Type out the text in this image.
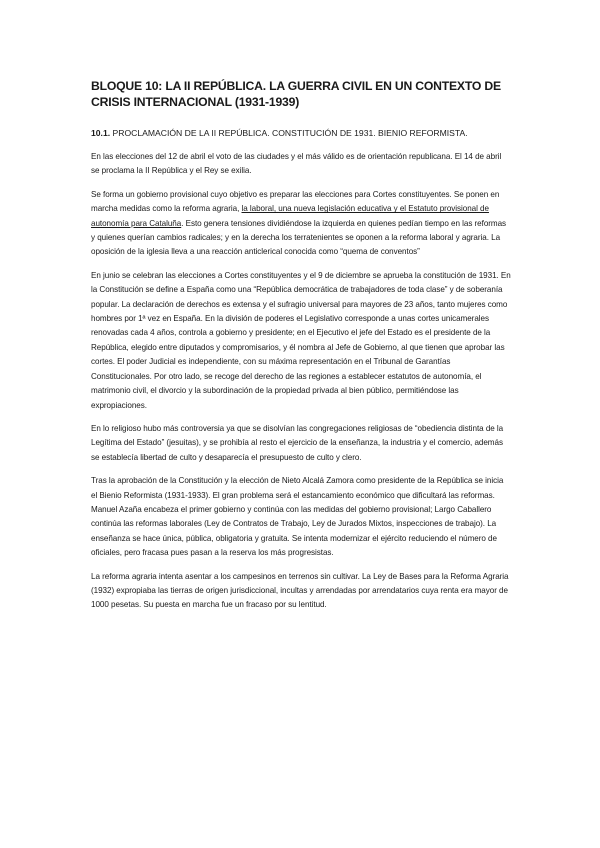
BLOQUE 10: LA II REPÚBLICA. LA GUERRA CIVIL EN UN CONTEXTO DE CRISIS INTERNACIONAL (1931-1939)
10.1. PROCLAMACIÓN DE LA II REPÚBLICA. CONSTITUCIÓN DE 1931. BIENIO REFORMISTA.

En las elecciones del 12 de abril el voto de las ciudades y el más válido es de orientación republicana. El 14 de abril se proclama la II República y el Rey se exilia.

Se forma un gobierno provisional cuyo objetivo es preparar las elecciones para Cortes constituyentes. Se ponen en marcha medidas como la reforma agraria, la laboral, una nueva legislación educativa y el Estatuto provisional de autonomía para Cataluña. Esto genera tensiones dividiéndose la izquierda en quienes pedían tiempo en las reformas y quienes querían cambios radicales; y en la derecha los terratenientes se oponen a la reforma laboral y agraria. La oposición de la iglesia lleva a una reacción anticlerical conocida como “quema de conventos”

En junio se celebran las elecciones a Cortes constituyentes y el 9 de diciembre se aprueba la constitución de 1931. En la Constitución se define a España como una “República democrática de trabajadores de toda clase” y de soberanía popular. La declaración de derechos es extensa y el sufragio universal para mayores de 23 años, tanto mujeres como hombres por 1ª vez en España. En la división de poderes el Legislativo corresponde a unas cortes unicamerales renovadas cada 4 años, controla a gobierno y presidente; en el Ejecutivo el jefe del Estado es el presidente de la República, elegido entre diputados y compromisarios, y él nombra al Jefe de Gobierno, al que tienen que aprobar las cortes. El poder Judicial es independiente, con su máxima representación en el Tribunal de Garantías Constitucionales. Por otro lado, se recoge del derecho de las regiones a establecer estatutos de autonomía, el matrimonio civil, el divorcio y la subordinación de la propiedad privada al bien público, permitiéndose las expropiaciones.

En lo religioso hubo más controversia ya que se disolvían las congregaciones religiosas de “obediencia distinta de la Legítima del Estado” (jesuitas), y se prohibía al resto el ejercicio de la enseñanza, la industria y el comercio, además se establecía libertad de culto y desaparecía el presupuesto de culto y clero.

Tras la aprobación de la Constitución y la elección de Nieto Alcalá Zamora como presidente de la República se inicia el Bienio Reformista (1931-1933). El gran problema será el estancamiento económico que dificultará las reformas. Manuel Azaña encabeza el primer gobierno y continúa con las medidas del gobierno provisional; Largo Caballero continúa las reformas laborales (Ley de Contratos de Trabajo, Ley de Jurados Mixtos, inspecciones de trabajo). La enseñanza se hace única, pública, obligatoria y gratuita. Se intenta modernizar el ejército reduciendo el número de oficiales, pero fracasa pues pasan a la reserva los más progresistas.

La reforma agraria intenta asentar a los campesinos en terrenos sin cultivar. La Ley de Bases para la Reforma Agraria (1932) expropiaba las tierras de origen jurisdiccional, incultas y arrendadas por arrendatarios cuya renta era mayor de 1000 pesetas. Su puesta en marcha fue un fracaso por su lentitud.
